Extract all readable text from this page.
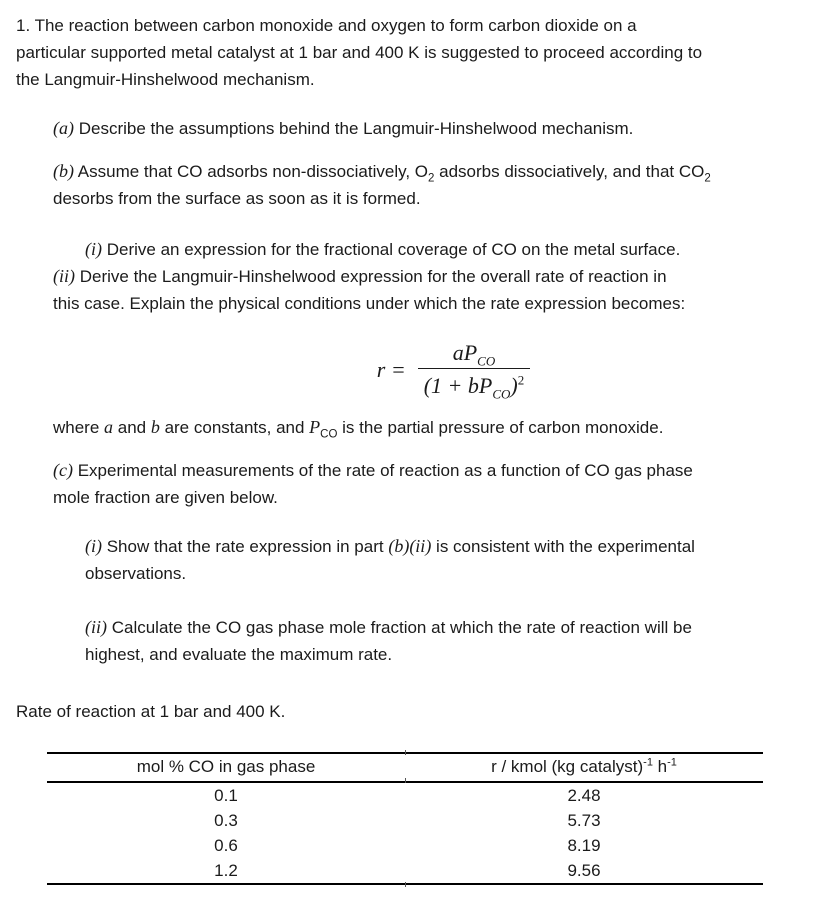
1. The reaction between carbon monoxide and oxygen to form carbon dioxide on a
particular supported metal catalyst at 1 bar and 400 K is suggested to proceed according to
the Langmuir-Hinshelwood mechanism.

(a) Describe the assumptions behind the Langmuir-Hinshelwood mechanism.

(b) Assume that CO adsorbs non-dissociatively, $O_2$ adsorbs dissociatively, and that $CO_2$
desorbs from the surface as soon as it is formed.

(i) Derive an expression for the fractional coverage of CO on the metal surface.
(ii) Derive the Langmuir-Hinshelwood expression for the overall rate of reaction in
this case. Explain the physical conditions under which the rate expression becomes:

$r = \frac{aP_{CO}}{(1 + bP_{CO})^2}$

where a and b are constants, and $P_{CO}$ is the partial pressure of carbon monoxide.

(c) Experimental measurements of the rate of reaction as a function of CO gas phase
mole fraction are given below.

(i) Show that the rate expression in part (b)(ii) is consistent with the experimental
observations.

(ii) Calculate the CO gas phase mole fraction at which the rate of reaction will be
highest, and evaluate the maximum rate.

Rate of reaction at 1 bar and 400 K.

mol % CO in gas phase	r / kmol (kg catalyst)$^{-1}$ $h^{-1}$
0.1	2.48
0.3	5.73
0.6	8.19
1.2	9.56
